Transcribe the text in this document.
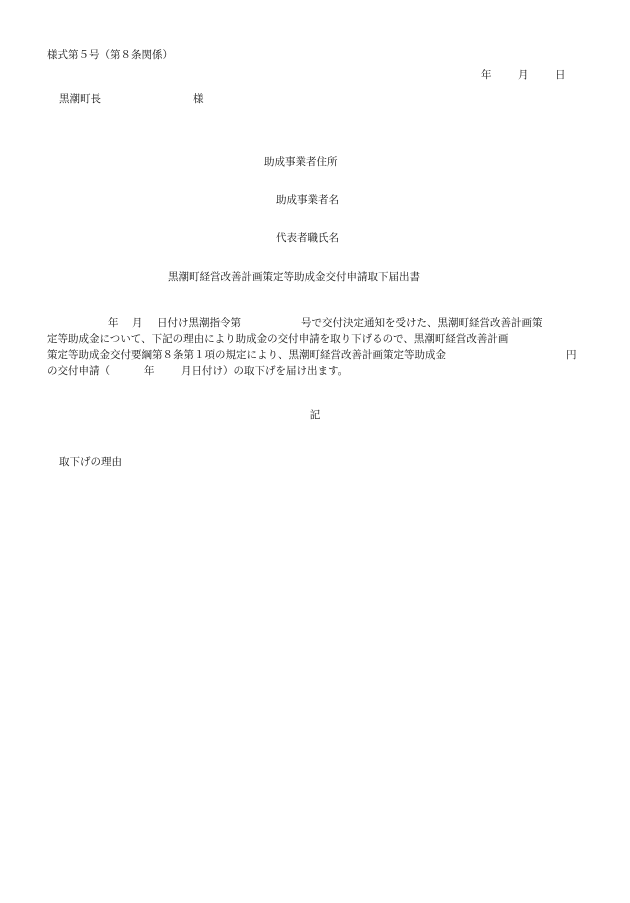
様式第５号（第８条関係）
年	月	日
黒潮町長	様
助成事業者住所
助成事業者名
代表者職氏名
黒潮町経営改善計画策定等助成金交付申請取下届出書
年 月 日付け黒潮指令第	号で交付決定通知を受けた、黒潮町経営改善計画策
定等助成金について、下記の理由により助成金の交付申請を取り下げるので、黒潮町経営改善計画
策定等助成金交付要綱第８条第１項の規定により、黒潮町経営改善計画策定等助成金	円
の交付申請（	年	月日付け）の取下げを届け出ます。
記
取下げの理由
